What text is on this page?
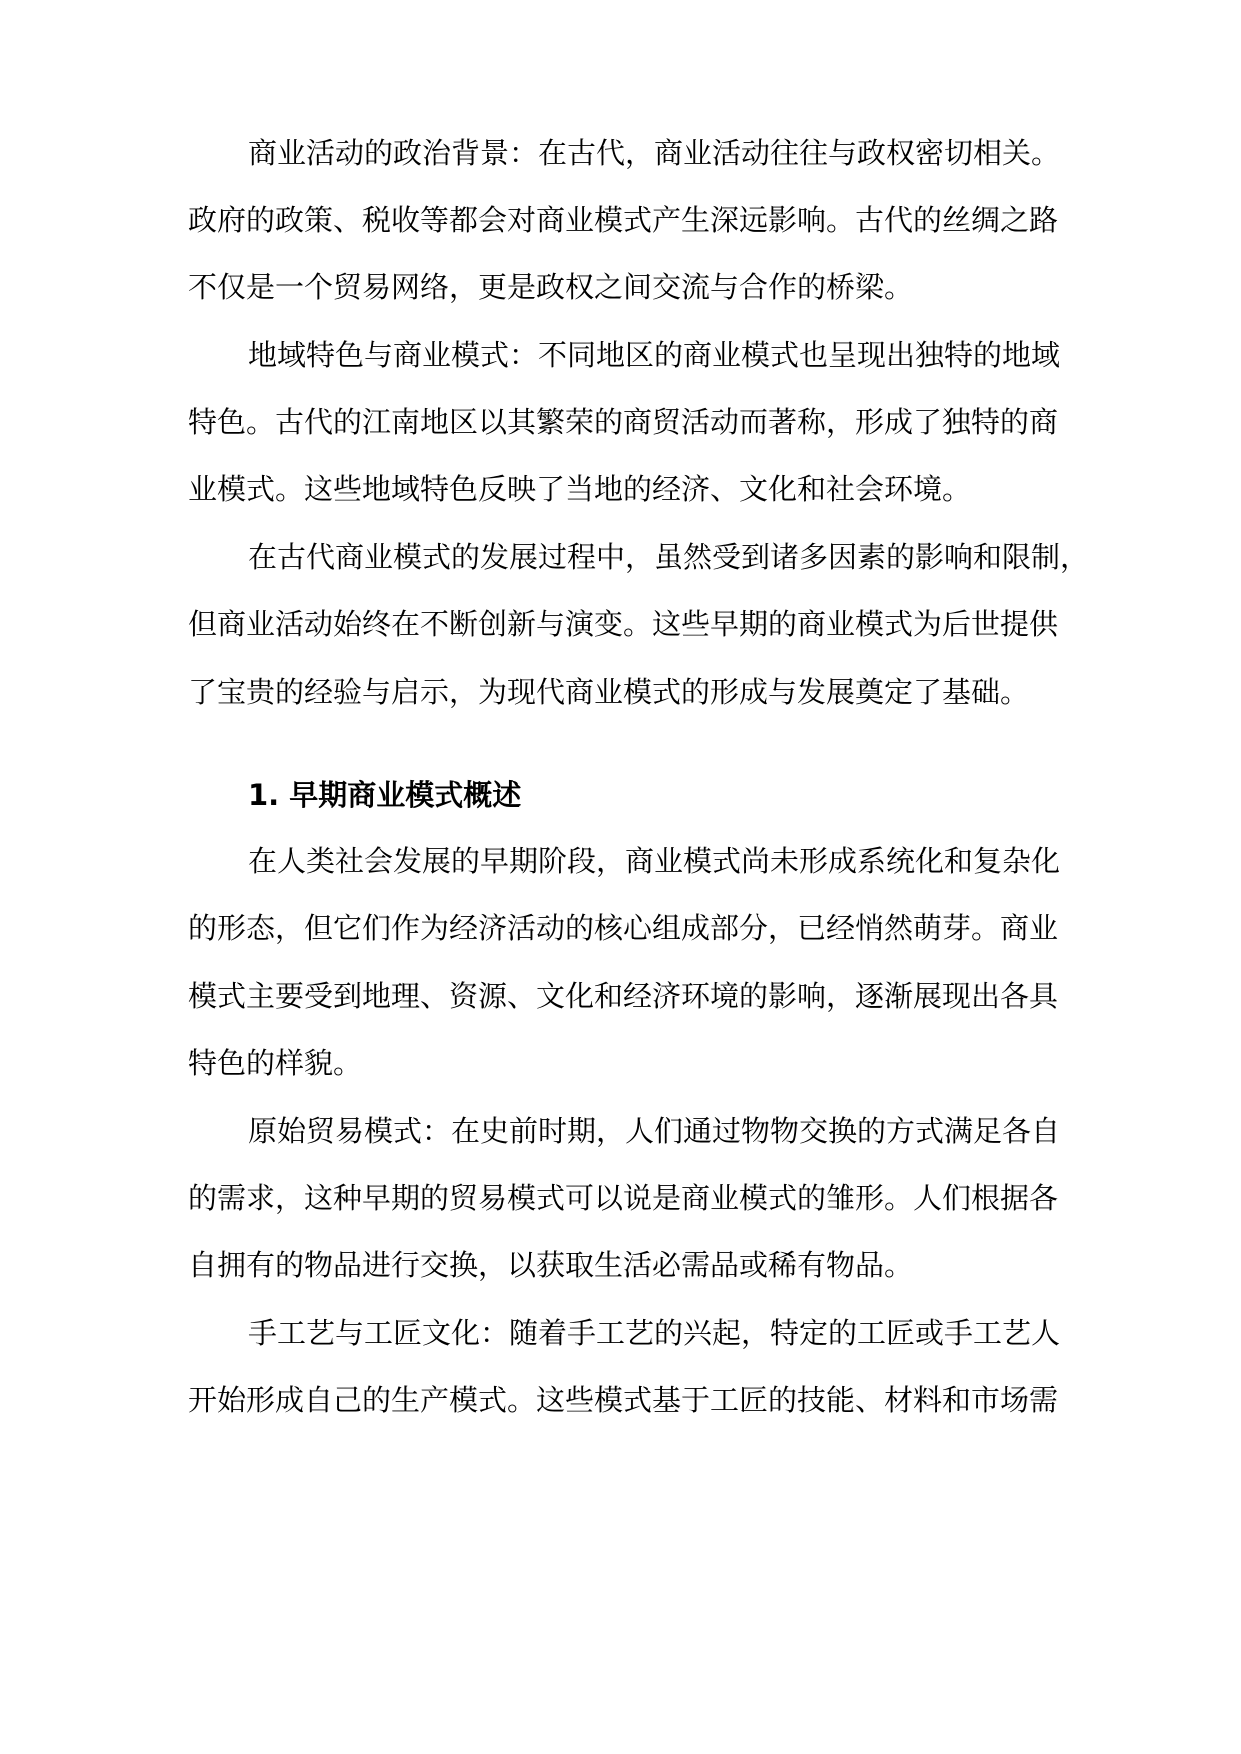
商业活动的政治背景：在古代，商业活动往往与政权密切相关。
政府的政策、税收等都会对商业模式产生深远影响。古代的丝绸之路
不仅是一个贸易网络，更是政权之间交流与合作的桥梁。
地域特色与商业模式：不同地区的商业模式也呈现出独特的地域
特色。古代的江南地区以其繁荣的商贸活动而著称，形成了独特的商
业模式。这些地域特色反映了当地的经济、文化和社会环境。
在古代商业模式的发展过程中，虽然受到诸多因素的影响和限制，
但商业活动始终在不断创新与演变。这些早期的商业模式为后世提供
了宝贵的经验与启示，为现代商业模式的形成与发展奠定了基础。
1. 早期商业模式概述
在人类社会发展的早期阶段，商业模式尚未形成系统化和复杂化
的形态，但它们作为经济活动的核心组成部分，已经悄然萌芽。商业
模式主要受到地理、资源、文化和经济环境的影响，逐渐展现出各具
特色的样貌。
原始贸易模式：在史前时期，人们通过物物交换的方式满足各自
的需求，这种早期的贸易模式可以说是商业模式的雏形。人们根据各
自拥有的物品进行交换，以获取生活必需品或稀有物品。
手工艺与工匠文化：随着手工艺的兴起，特定的工匠或手工艺人
开始形成自己的生产模式。这些模式基于工匠的技能、材料和市场需
